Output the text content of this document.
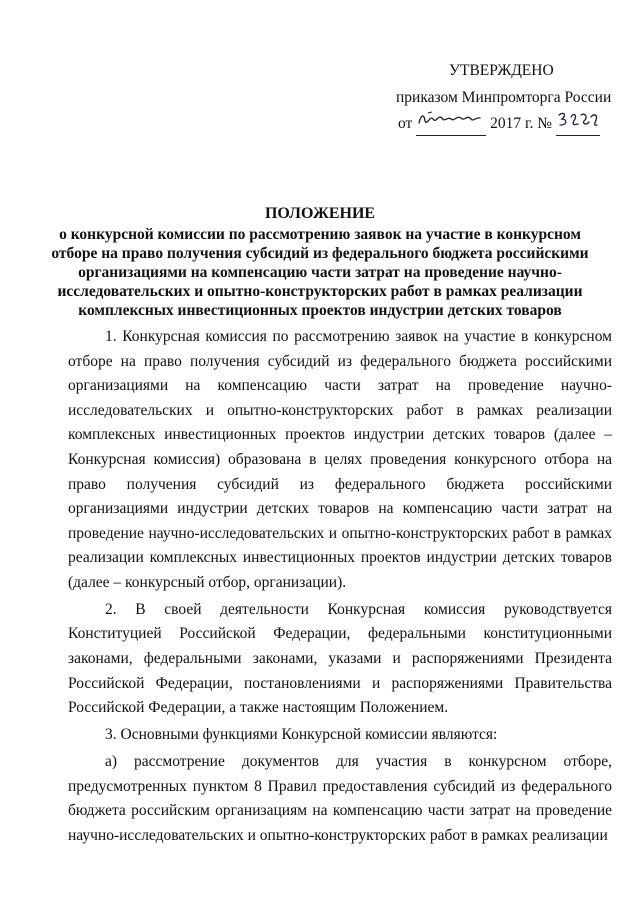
УТВЕРЖДЕНО
приказом Минпромторга России
от	2017 г. №
ПОЛОЖЕНИЕ
о конкурсной комиссии по рассмотрению заявок на участие в конкурсном отборе на право получения субсидий из федерального бюджета российскими организациями на компенсацию части затрат на проведение научно-исследовательских и опытно-конструкторских работ в рамках реализации комплексных инвестиционных проектов индустрии детских товаров

1. Конкурсная комиссия по рассмотрению заявок на участие в конкурсном отборе на право получения субсидий из федерального бюджета российскими организациями на компенсацию части затрат на проведение научно-исследовательских и опытно-конструкторских работ в рамках реализации комплексных инвестиционных проектов индустрии детских товаров (далее – Конкурсная комиссия) образована в целях проведения конкурсного отбора на право получения субсидий из федерального бюджета российскими организациями индустрии детских товаров на компенсацию части затрат на проведение научно-исследовательских и опытно-конструкторских работ в рамках реализации комплексных инвестиционных проектов индустрии детских товаров (далее – конкурсный отбор, организации).

2. В своей деятельности Конкурсная комиссия руководствуется Конституцией Российской Федерации, федеральными конституционными законами, федеральными законами, указами и распоряжениями Президента Российской Федерации, постановлениями и распоряжениями Правительства Российской Федерации, а также настоящим Положением.

3. Основными функциями Конкурсной комиссии являются:

а) рассмотрение документов для участия в конкурсном отборе, предусмотренных пунктом 8 Правил предоставления субсидий из федерального бюджета российским организациям на компенсацию части затрат на проведение научно-исследовательских и опытно-конструкторских работ в рамках реализации
